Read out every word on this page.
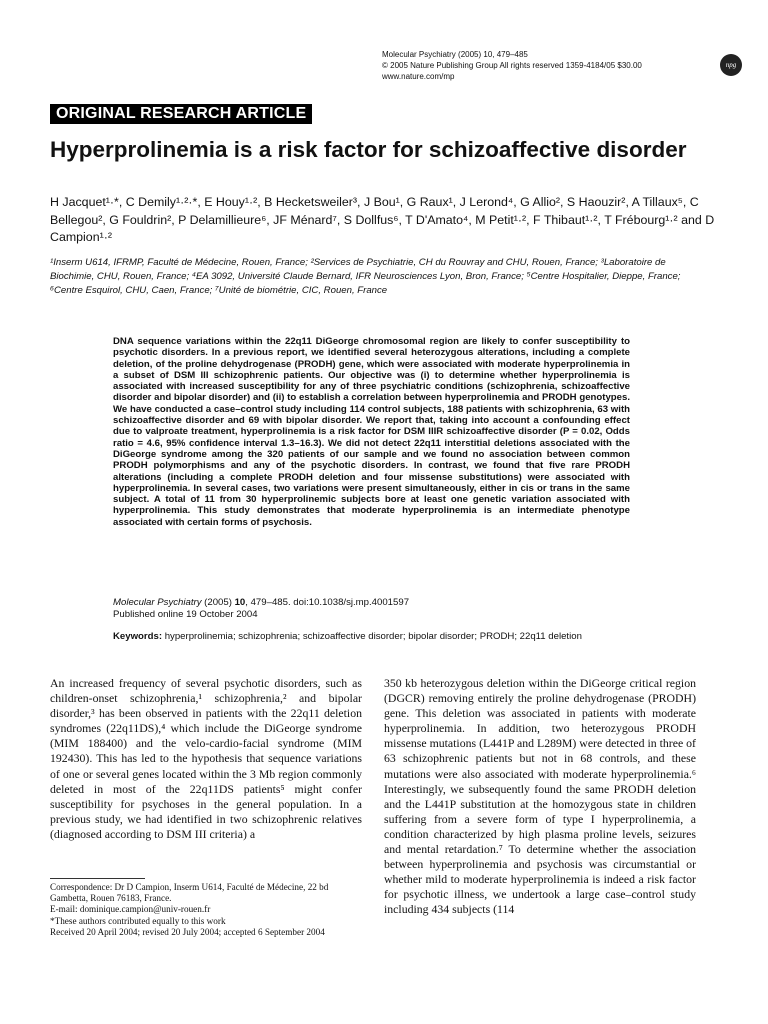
Molecular Psychiatry (2005) 10, 479–485
© 2005 Nature Publishing Group All rights reserved 1359-4184/05 $30.00
www.nature.com/mp
npg
ORIGINAL RESEARCH ARTICLE
Hyperprolinemia is a risk factor for schizoaffective disorder
H Jacquet¹·*, C Demily¹·²·*, E Houy¹·², B Hecketsweiler³, J Bou¹, G Raux¹, J Lerond⁴, G Allio², S Haouzir², A Tillaux⁵, C Bellegou², G Fouldrin², P Delamillieure⁶, JF Ménard⁷, S Dollfus⁶, T D'Amato⁴, M Petit¹·², F Thibaut¹·², T Frébourg¹·² and D Campion¹·²
¹Inserm U614, IFRMP, Faculté de Médecine, Rouen, France; ²Services de Psychiatrie, CH du Rouvray and CHU, Rouen, France; ³Laboratoire de Biochimie, CHU, Rouen, France; ⁴EA 3092, Université Claude Bernard, IFR Neurosciences Lyon, Bron, France; ⁵Centre Hospitalier, Dieppe, France; ⁶Centre Esquirol, CHU, Caen, France; ⁷Unité de biométrie, CIC, Rouen, France

DNA sequence variations within the 22q11 DiGeorge chromosomal region are likely to confer susceptibility to psychotic disorders. In a previous report, we identified several heterozygous alterations, including a complete deletion, of the proline dehydrogenase (PRODH) gene, which were associated with moderate hyperprolinemia in a subset of DSM III schizophrenic patients. Our objective was (i) to determine whether hyperprolinemia is associated with increased susceptibility for any of three psychiatric conditions (schizophrenia, schizoaffective disorder and bipolar disorder) and (ii) to establish a correlation between hyperprolinemia and PRODH genotypes. We have conducted a case–control study including 114 control subjects, 188 patients with schizophrenia, 63 with schizoaffective disorder and 69 with bipolar disorder. We report that, taking into account a confounding effect due to valproate treatment, hyperprolinemia is a risk factor for DSM IIIR schizoaffective disorder (P = 0.02, Odds ratio = 4.6, 95% confidence interval 1.3–16.3). We did not detect 22q11 interstitial deletions associated with the DiGeorge syndrome among the 320 patients of our sample and we found no association between common PRODH polymorphisms and any of the psychotic disorders. In contrast, we found that five rare PRODH alterations (including a complete PRODH deletion and four missense substitutions) were associated with hyperprolinemia. In several cases, two variations were present simultaneously, either in cis or trans in the same subject. A total of 11 from 30 hyperprolinemic subjects bore at least one genetic variation associated with hyperprolinemia. This study demonstrates that moderate hyperprolinemia is an intermediate phenotype associated with certain forms of psychosis.

Molecular Psychiatry (2005) 10, 479–485. doi:10.1038/sj.mp.4001597
Published online 19 October 2004
Keywords: hyperprolinemia; schizophrenia; schizoaffective disorder; bipolar disorder; PRODH; 22q11 deletion

An increased frequency of several psychotic disorders, such as children-onset schizophrenia,¹ schizophrenia,² and bipolar disorder,³ has been observed in patients with the 22q11 deletion syndromes (22q11DS),⁴ which include the DiGeorge syndrome (MIM 188400) and the velo-cardio-facial syndrome (MIM 192430). This has led to the hypothesis that sequence variations of one or several genes located within the 3 Mb region commonly deleted in most of the 22q11DS patients⁵ might confer susceptibility for psychoses in the general population. In a previous study, we had identified in two schizophrenic relatives (diagnosed according to DSM III criteria) a

350 kb heterozygous deletion within the DiGeorge critical region (DGCR) removing entirely the proline dehydrogenase (PRODH) gene. This deletion was associated in patients with moderate hyperprolinemia. In addition, two heterozygous PRODH missense mutations (L441P and L289M) were detected in three of 63 schizophrenic patients but not in 68 controls, and these mutations were also associated with moderate hyperprolinemia.⁶ Interestingly, we subsequently found the same PRODH deletion and the L441P substitution at the homozygous state in children suffering from a severe form of type I hyperprolinemia, a condition characterized by high plasma proline levels, seizures and mental retardation.⁷ To determine whether the association between hyperprolinemia and psychosis was circumstantial or whether mild to moderate hyperprolinemia is indeed a risk factor for psychotic illness, we undertook a large case–control study including 434 subjects (114

Correspondence: Dr D Campion, Inserm U614, Faculté de Médecine, 22 bd Gambetta, Rouen 76183, France.
E-mail: dominique.campion@univ-rouen.fr
*These authors contributed equally to this work
Received 20 April 2004; revised 20 July 2004; accepted 6 September 2004
